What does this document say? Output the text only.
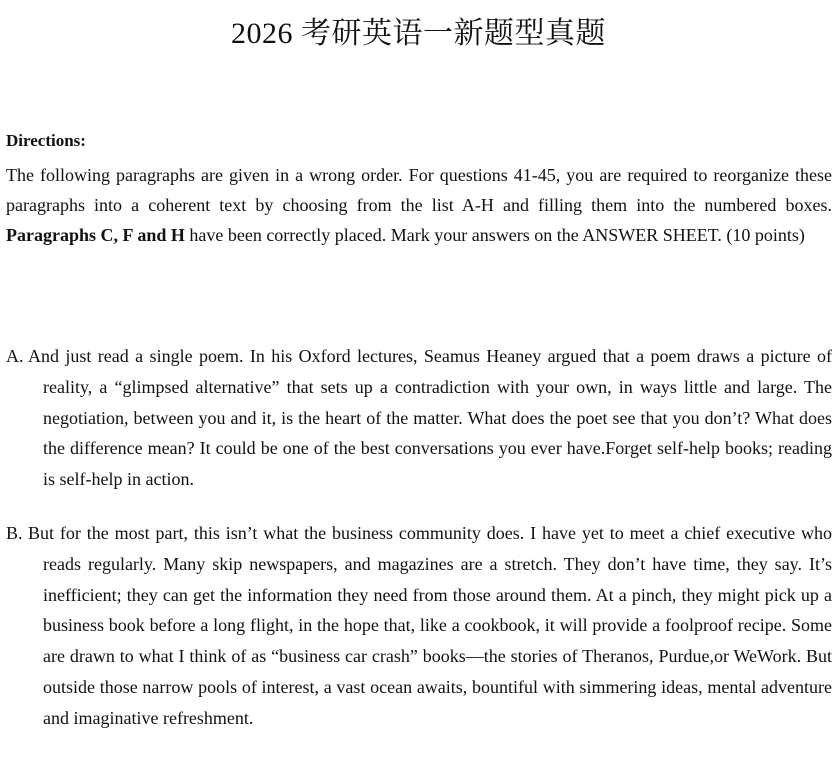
2026 考研英语一新题型真题
Directions:

The following paragraphs are given in a wrong order. For questions 41-45, you are required to reorganize these paragraphs into a coherent text by choosing from the list A-H and filling them into the numbered boxes. Paragraphs C, F and H have been correctly placed. Mark your answers on the ANSWER SHEET. (10 points)

A. And just read a single poem. In his Oxford lectures, Seamus Heaney argued that a poem draws a picture of reality, a “glimpsed alternative” that sets up a contradiction with your own, in ways little and large. The negotiation, between you and it, is the heart of the matter. What does the poet see that you don’t? What does the difference mean? It could be one of the best conversations you ever have.Forget self-help books; reading is self-help in action.

B. But for the most part, this isn’t what the business community does. I have yet to meet a chief executive who reads regularly. Many skip newspapers, and magazines are a stretch. They don’t have time, they say. It’s inefficient; they can get the information they need from those around them. At a pinch, they might pick up a business book before a long flight, in the hope that, like a cookbook, it will provide a foolproof recipe. Some are drawn to what I think of as “business car crash” books—the stories of Theranos, Purdue,or WeWork. But outside those narrow pools of interest, a vast ocean awaits, bountiful with simmering ideas, mental adventure and imaginative refreshment.
